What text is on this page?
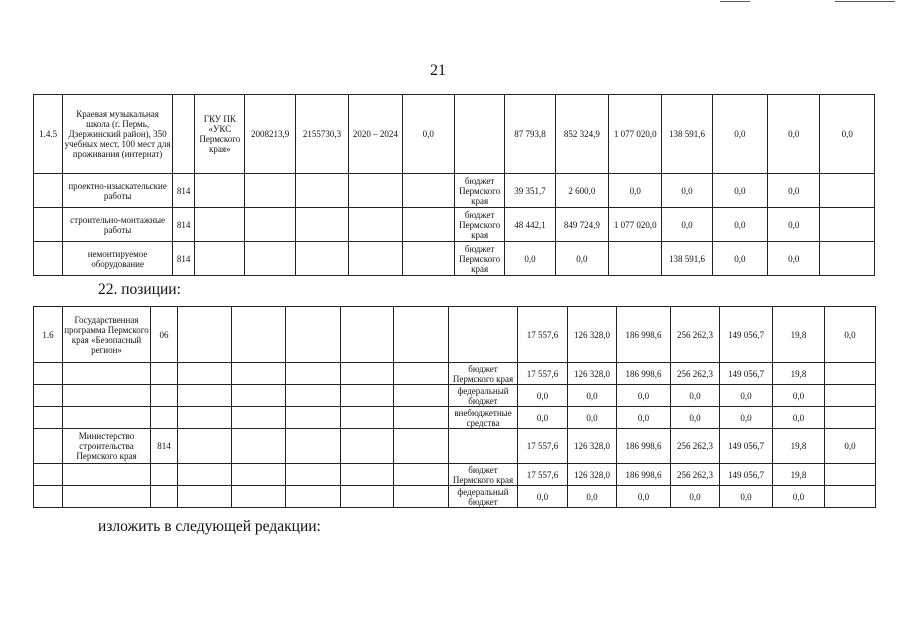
21
1.4.5	Краевая музыкальная школа (г. Пермь, Дзержинский район), 350 учебных мест, 100 мест для проживания (интернат)		ГКУ ПК «УКС Пермского края»	2008213,9	2155730,3	2020 – 2024	0,0		87 793,8	852 324,9	1 077 020,0	138 591,6	0,0	0,0	0,0
	проектно-изыскательские работы	814						бюджет Пермского края	39 351,7	2 600,0	0,0	0,0	0,0	0,0	
	строительно-монтажные работы	814						бюджет Пермского края	48 442,1	849 724,9	1 077 020,0	0,0	0,0	0,0	
	немонтируемое оборудование	814						бюджет Пермского края	0,0	0,0		138 591,6	0,0	0,0	
22. позиции:
1.6	Государственная программа Пермского края «Безопасный регион»	06							17 557,6	126 328,0	186 998,6	256 262,3	149 056,7	19,8	0,0
								бюджет Пермского края	17 557,6	126 328,0	186 998,6	256 262,3	149 056,7	19,8	
								федеральный бюджет	0,0	0,0	0,0	0,0	0,0	0,0	
								внебюджетные средства	0,0	0,0	0,0	0,0	0,0	0,0	
	Министерство строительства Пермского края	814							17 557,6	126 328,0	186 998,6	256 262,3	149 056,7	19,8	0,0
								бюджет Пермского края	17 557,6	126 328,0	186 998,6	256 262,3	149 056,7	19,8	
								федеральный бюджет	0,0	0,0	0,0	0,0	0,0	0,0	
изложить в следующей редакции:
